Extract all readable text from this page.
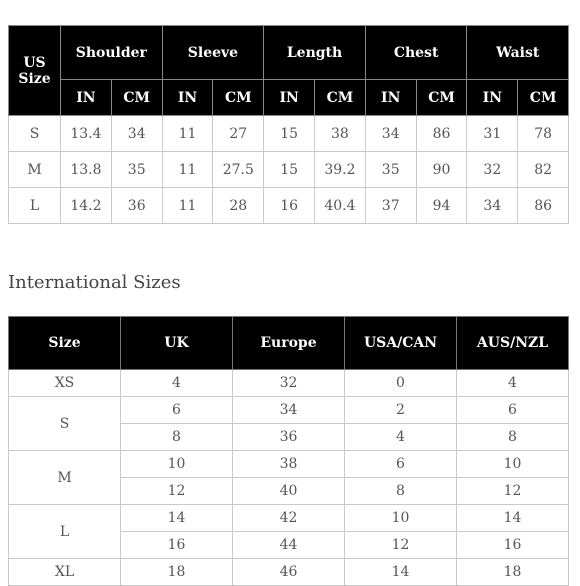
US Size	Shoulder		Sleeve		Length		Chest		Waist	
	IN	CM	IN	CM	IN	CM	IN	CM	IN	CM
S	13.4	34	11	27	15	38	34	86	31	78
M	13.8	35	11	27.5	15	39.2	35	90	32	82
L	14.2	36	11	28	16	40.4	37	94	34	86
International Sizes
Size	UK	Europe	USA/CAN	AUS/NZL
XS	4	32	0	4
S	6	34	2	6
	8	36	4	8
M	10	38	6	10
	12	40	8	12
L	14	42	10	14
	16	44	12	16
XL	18	46	14	18
